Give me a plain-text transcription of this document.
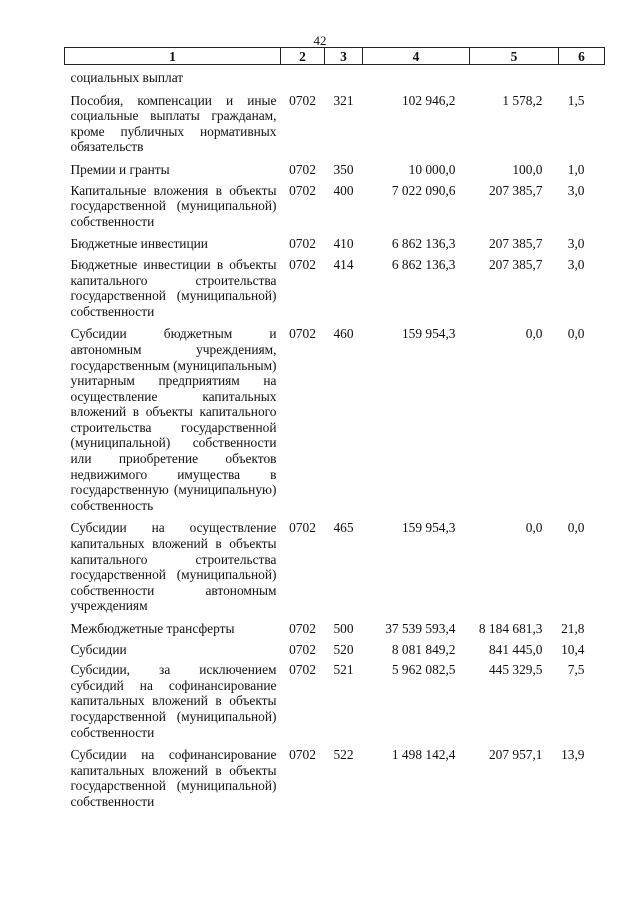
42
1	2	3	4	5	6
социальных выплат					
Пособия, компенсации и иные социальные выплаты гражданам, кроме публичных нормативных обязательств	0702	321	102 946,2	1 578,2	1,5
Премии и гранты	0702	350	10 000,0	100,0	1,0
Капитальные вложения в объекты государственной (муниципальной) собственности	0702	400	7 022 090,6	207 385,7	3,0
Бюджетные инвестиции	0702	410	6 862 136,3	207 385,7	3,0
Бюджетные инвестиции в объекты капитального строительства государственной (муниципальной) собственности	0702	414	6 862 136,3	207 385,7	3,0
Субсидии бюджетным и автономным учреждениям, государственным (муниципальным) унитарным предприятиям на осуществление капитальных вложений в объекты капитального строительства государственной (муниципальной) собственности или приобретение объектов недвижимого имущества в государственную (муниципальную) собственность	0702	460	159 954,3	0,0	0,0
Субсидии на осуществление капитальных вложений в объекты капитального строительства государственной (муниципальной) собственности автономным учреждениям	0702	465	159 954,3	0,0	0,0
Межбюджетные трансферты	0702	500	37 539 593,4	8 184 681,3	21,8
Субсидии	0702	520	8 081 849,2	841 445,0	10,4
Субсидии, за исключением субсидий на софинансирование капитальных вложений в объекты государственной (муниципальной) собственности	0702	521	5 962 082,5	445 329,5	7,5
Субсидии на софинансирование капитальных вложений в объекты государственной (муниципальной) собственности	0702	522	1 498 142,4	207 957,1	13,9
